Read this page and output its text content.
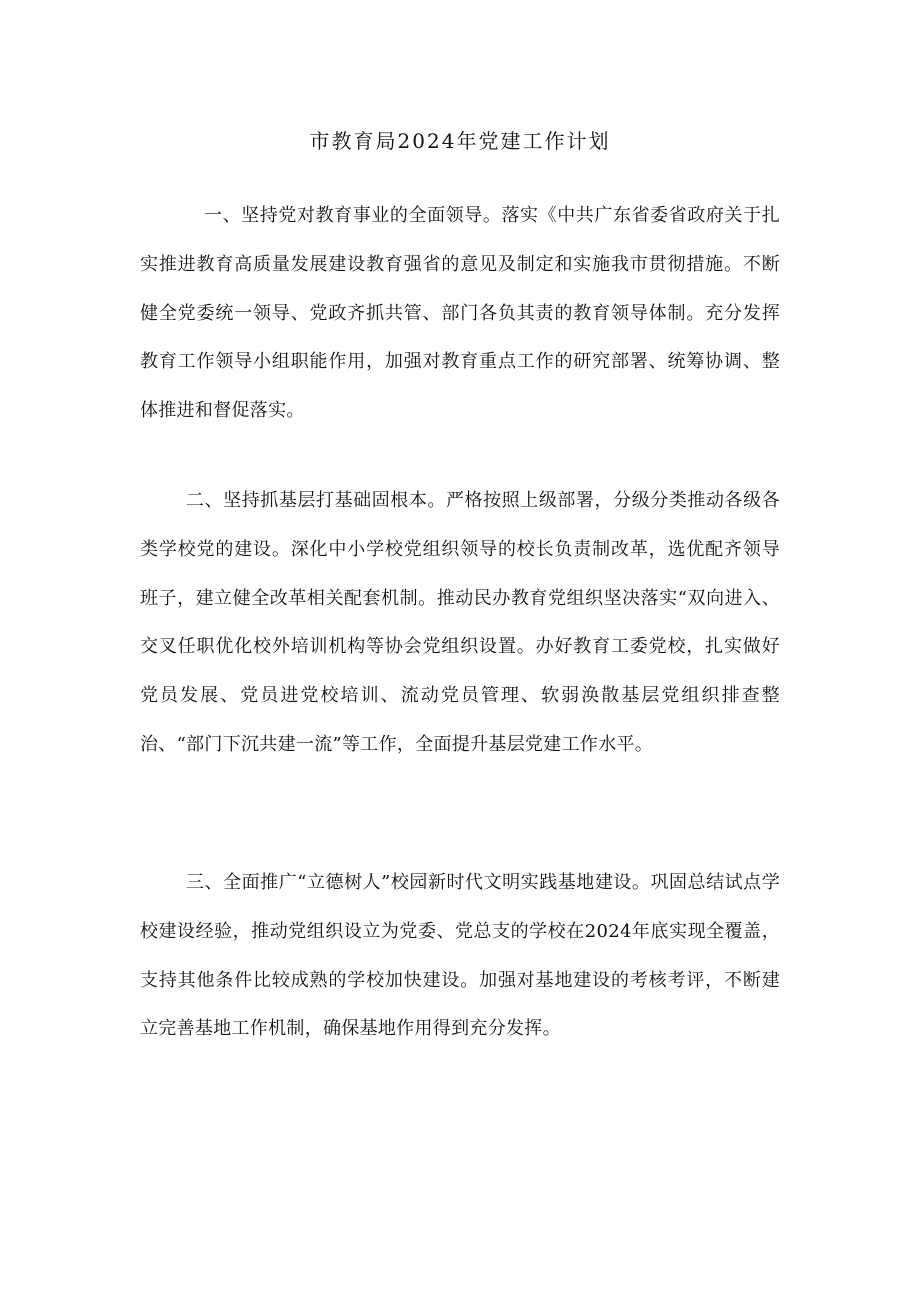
市教育局2024年党建工作计划

一、坚持党对教育事业的全面领导。落实《中共广东省委省政府关于扎实推进教育高质量发展建设教育强省的意见及制定和实施我市贯彻措施。不断健全党委统一领导、党政齐抓共管、部门各负其责的教育领导体制。充分发挥教育工作领导小组职能作用，加强对教育重点工作的研究部署、统筹协调、整体推进和督促落实。

二、坚持抓基层打基础固根本。严格按照上级部署，分级分类推动各级各类学校党的建设。深化中小学校党组织领导的校长负责制改革，选优配齐领导班子，建立健全改革相关配套机制。推动民办教育党组织坚决落实“双向进入、交叉任职优化校外培训机构等协会党组织设置。办好教育工委党校，扎实做好党员发展、党员进党校培训、流动党员管理、软弱涣散基层党组织排查整治、“部门下沉共建一流”等工作，全面提升基层党建工作水平。

三、全面推广“立德树人”校园新时代文明实践基地建设。巩固总结试点学校建设经验，推动党组织设立为党委、党总支的学校在2024年底实现全覆盖，支持其他条件比较成熟的学校加快建设。加强对基地建设的考核考评，不断建立完善基地工作机制，确保基地作用得到充分发挥。
